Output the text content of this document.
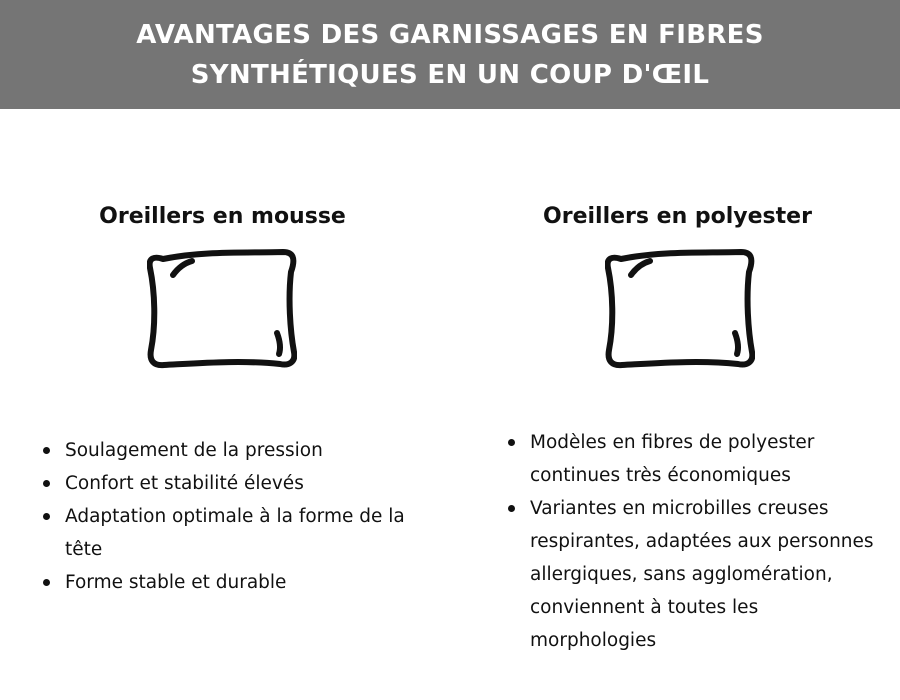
AVANTAGES DES GARNISSAGES EN FIBRES
SYNTHÉTIQUES EN UN COUP D'ŒIL
Oreillers en mousse
Soulagement de la pression
Confort et stabilité élevés
Adaptation optimale à la forme de la tête
Forme stable et durable
Oreillers en polyester
Modèles en fibres de polyester continues très économiques
Variantes en microbilles creuses respirantes, adaptées aux personnes allergiques, sans agglomération, conviennent à toutes les morphologies
